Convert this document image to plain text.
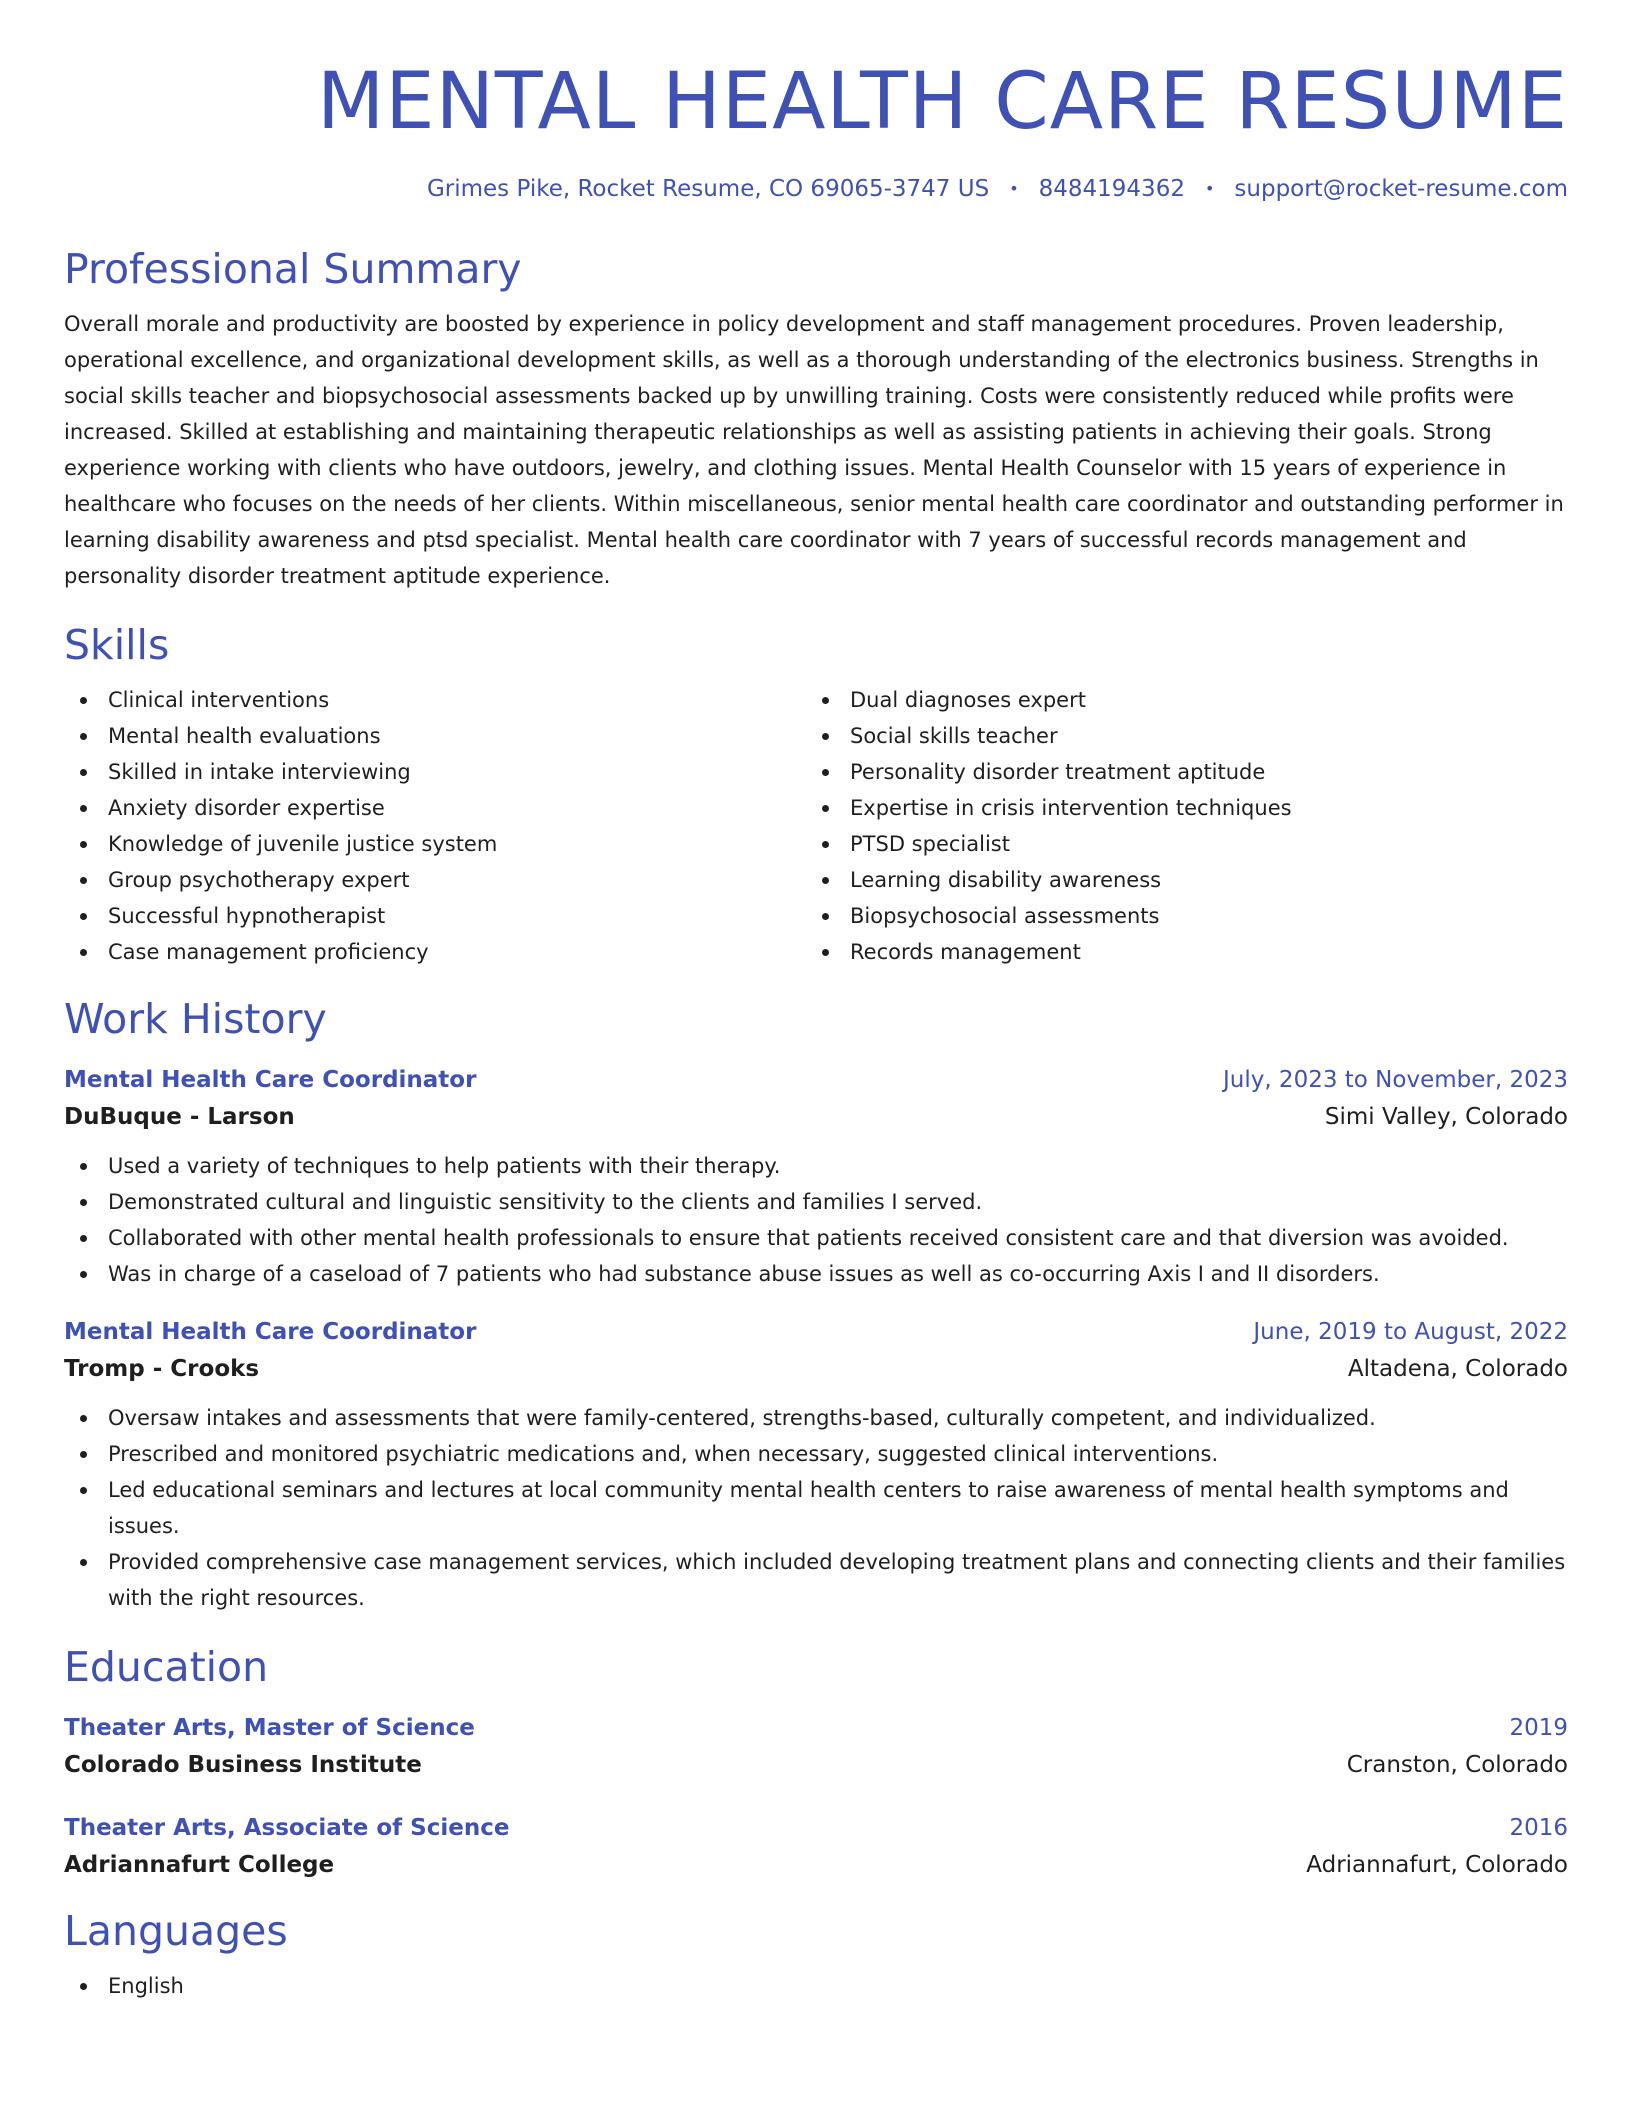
MENTAL HEALTH CARE RESUME
Grimes Pike, Rocket Resume, CO 69065-3747 US • 8484194362 • support@rocket-resume.com
Professional Summary

Overall morale and productivity are boosted by experience in policy development and staff management procedures. Proven leadership, operational excellence, and organizational development skills, as well as a thorough understanding of the electronics business. Strengths in social skills teacher and biopsychosocial assessments backed up by unwilling training. Costs were consistently reduced while profits were increased. Skilled at establishing and maintaining therapeutic relationships as well as assisting patients in achieving their goals. Strong experience working with clients who have outdoors, jewelry, and clothing issues. Mental Health Counselor with 15 years of experience in healthcare who focuses on the needs of her clients. Within miscellaneous, senior mental health care coordinator and outstanding performer in learning disability awareness and ptsd specialist. Mental health care coordinator with 7 years of successful records management and personality disorder treatment aptitude experience.

Skills
Clinical interventions
Mental health evaluations
Skilled in intake interviewing
Anxiety disorder expertise
Knowledge of juvenile justice system
Group psychotherapy expert
Successful hypnotherapist
Case management proficiency
Dual diagnoses expert
Social skills teacher
Personality disorder treatment aptitude
Expertise in crisis intervention techniques
PTSD specialist
Learning disability awareness
Biopsychosocial assessments
Records management
Work History
Mental Health Care Coordinator	July, 2023 to November, 2023
DuBuque - Larson	Simi Valley, Colorado
Used a variety of techniques to help patients with their therapy.
Demonstrated cultural and linguistic sensitivity to the clients and families I served.
Collaborated with other mental health professionals to ensure that patients received consistent care and that diversion was avoided.
Was in charge of a caseload of 7 patients who had substance abuse issues as well as co-occurring Axis I and II disorders.
Mental Health Care Coordinator	June, 2019 to August, 2022
Tromp - Crooks	Altadena, Colorado
Oversaw intakes and assessments that were family-centered, strengths-based, culturally competent, and individualized.
Prescribed and monitored psychiatric medications and, when necessary, suggested clinical interventions.
Led educational seminars and lectures at local community mental health centers to raise awareness of mental health symptoms and issues.
Provided comprehensive case management services, which included developing treatment plans and connecting clients and their families with the right resources.
Education
Theater Arts, Master of Science	2019
Colorado Business Institute	Cranston, Colorado
Theater Arts, Associate of Science	2016
Adriannafurt College	Adriannafurt, Colorado
Languages
English
